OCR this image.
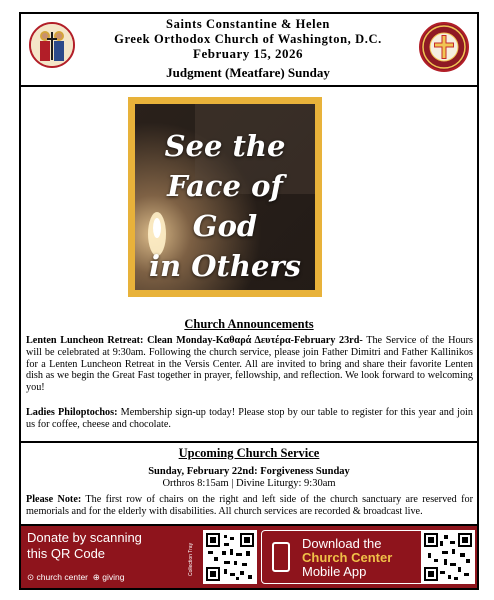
Saints Constantine & Helen
Greek Orthodox Church of Washington, D.C.
February 15, 2026
Judgment (Meatfare) Sunday
See the
Face of God
in Others
Church Announcements
Lenten Luncheon Retreat: Clean Monday-Καθαρά Δευτέρα-February 23rd- The Service of the Hours will be celebrated at 9:30am. Following the church service, please join Father Dimitri and Father Kallinikos for a Lenten Luncheon Retreat in the Versis Center. All are invited to bring and share their favorite Lenten dish as we begin the Great Fast together in prayer, fellowship, and reflection. We look forward to welcoming you!
Ladies Philoptochos: Membership sign-up today! Please stop by our table to register for this year and join us for coffee, cheese and chocolate.
Upcoming Church Service
Sunday, February 22nd: Forgiveness Sunday
Orthros 8:15am | Divine Liturgy: 9:30am
Please Note: The first row of chairs on the right and left side of the church sanctuary are reserved for memorials and for the elderly with disabilities. All church services are recorded & broadcast live.
Donate by scanning
this QR Code
⊙ church center ⊕ giving
Collection Tray	Download the
Church Center
Mobile App
